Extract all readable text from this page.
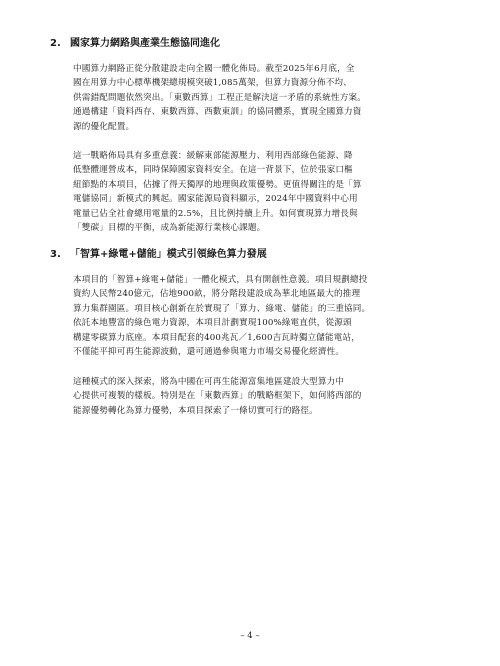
2. 國家算力網路與產業生態協同進化
中國算力網路正從分散建設走向全國一體化佈局。截至2025年6月底，全
國在用算力中心標準機架總規模突破1,085萬架，但算力資源分佈不均、
供需錯配問題依然突出。「東數西算」工程正是解決這一矛盾的系統性方案。
通過構建「資料西存、東數西算、西數東訓」的協同體系，實現全國算力資
源的優化配置。
這一戰略佈局具有多重意義：緩解東部能源壓力、利用西部綠色能源、降
低整體運營成本，同時保障國家資料安全。在這一背景下，位於張家口樞
紐節點的本項目，佔據了得天獨厚的地理與政策優勢。更值得關注的是「算
電儲協同」新模式的興起。國家能源局資料顯示，2024年中國資料中心用
電量已佔全社會總用電量的2.5%，且比例持續上升。如何實現算力增長與
「雙碳」目標的平衡，成為新能源行業核心課題。
3. 「智算+綠電+儲能」模式引領綠色算力發展
本項目的「智算+綠電+儲能」一體化模式，具有開創性意義。項目規劃總投
資約人民幣240億元，佔地900畝，將分階段建設成為華北地區最大的推理
算力集群園區。項目核心創新在於實現了「算力、綠電、儲能」的三重協同。
依託本地豐富的綠色電力資源，本項目計劃實現100%綠電直供，從源頭
構建零碳算力底座。本項目配套的400兆瓦／1,600吉瓦時獨立儲能電站，
不僅能平抑可再生能源波動，還可通過參與電力市場交易優化經濟性。
這種模式的深入探索，將為中國在可再生能源富集地區建設大型算力中
心提供可複製的樣板。特別是在「東數西算」的戰略框架下，如何將西部的
能源優勢轉化為算力優勢，本項目探索了一條切實可行的路徑。
– 4 –
